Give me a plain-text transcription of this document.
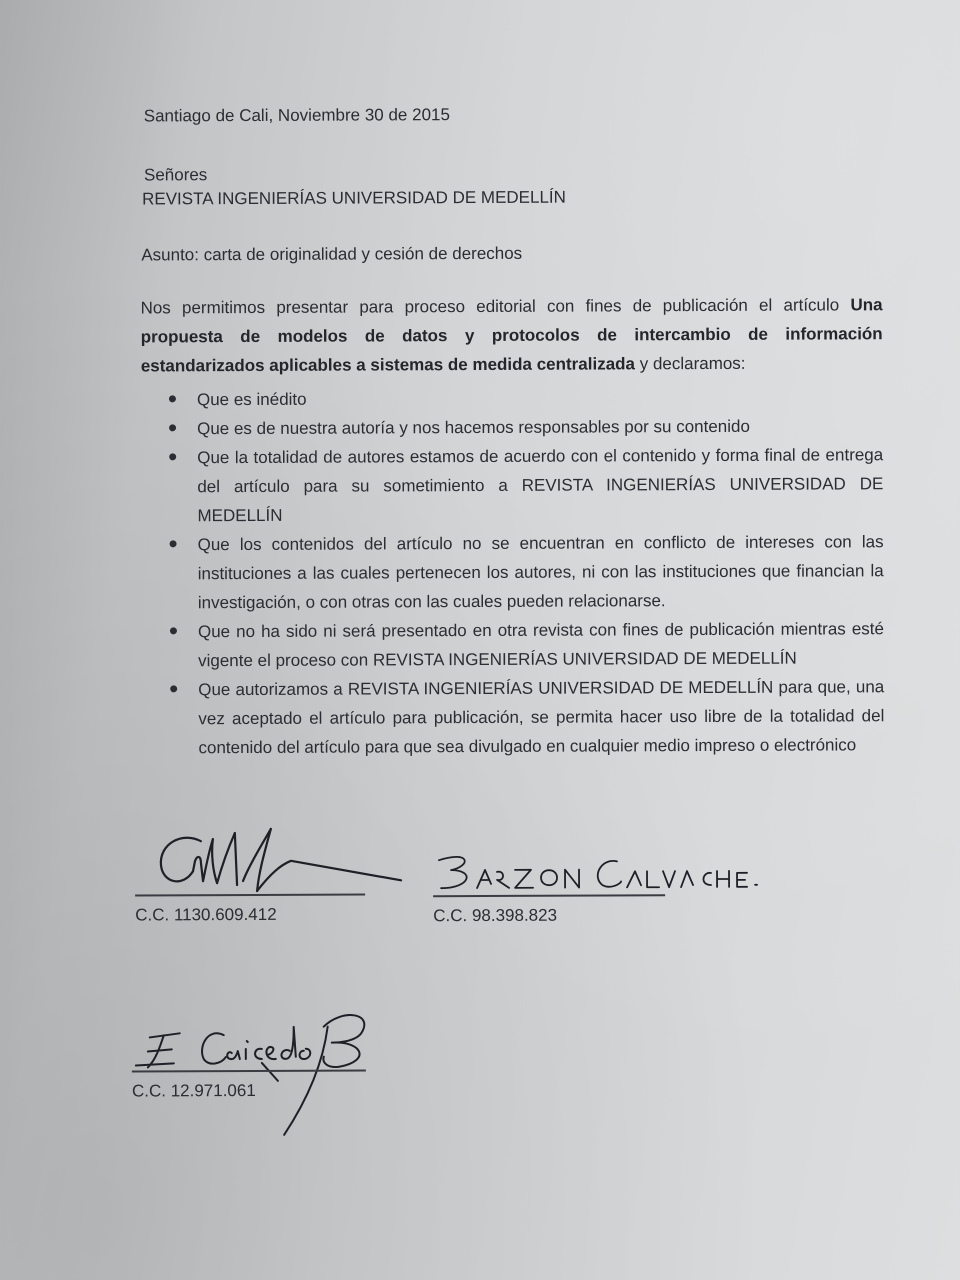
Santiago de Cali, Noviembre 30 de 2015
Señores
REVISTA INGENIERÍAS UNIVERSIDAD DE MEDELLÍN
Asunto: carta de originalidad y cesión de derechos
Nos permitimos presentar para proceso editorial con fines de publicación el artículo Una propuesta de modelos de datos y protocolos de intercambio de información estandarizados aplicables a sistemas de medida centralizada y declaramos:
Que es inédito
Que es de nuestra autoría y nos hacemos responsables por su contenido
Que la totalidad de autores estamos de acuerdo con el contenido y forma final de entrega del artículo para su sometimiento a REVISTA INGENIERÍAS UNIVERSIDAD DE MEDELLÍN
Que los contenidos del artículo no se encuentran en conflicto de intereses con las instituciones a las cuales pertenecen los autores, ni con las instituciones que financian la investigación, o con otras con las cuales pueden relacionarse.
Que no ha sido ni será presentado en otra revista con fines de publicación mientras esté vigente el proceso con REVISTA INGENIERÍAS UNIVERSIDAD DE MEDELLÍN
Que autorizamos a REVISTA INGENIERÍAS UNIVERSIDAD DE MEDELLÍN para que, una vez aceptado el artículo para publicación, se permita hacer uso libre de la totalidad del contenido del artículo para que sea divulgado en cualquier medio impreso o electrónico
C.C. 1130.609.412	C.C. 98.398.823
C.C. 12.971.061
